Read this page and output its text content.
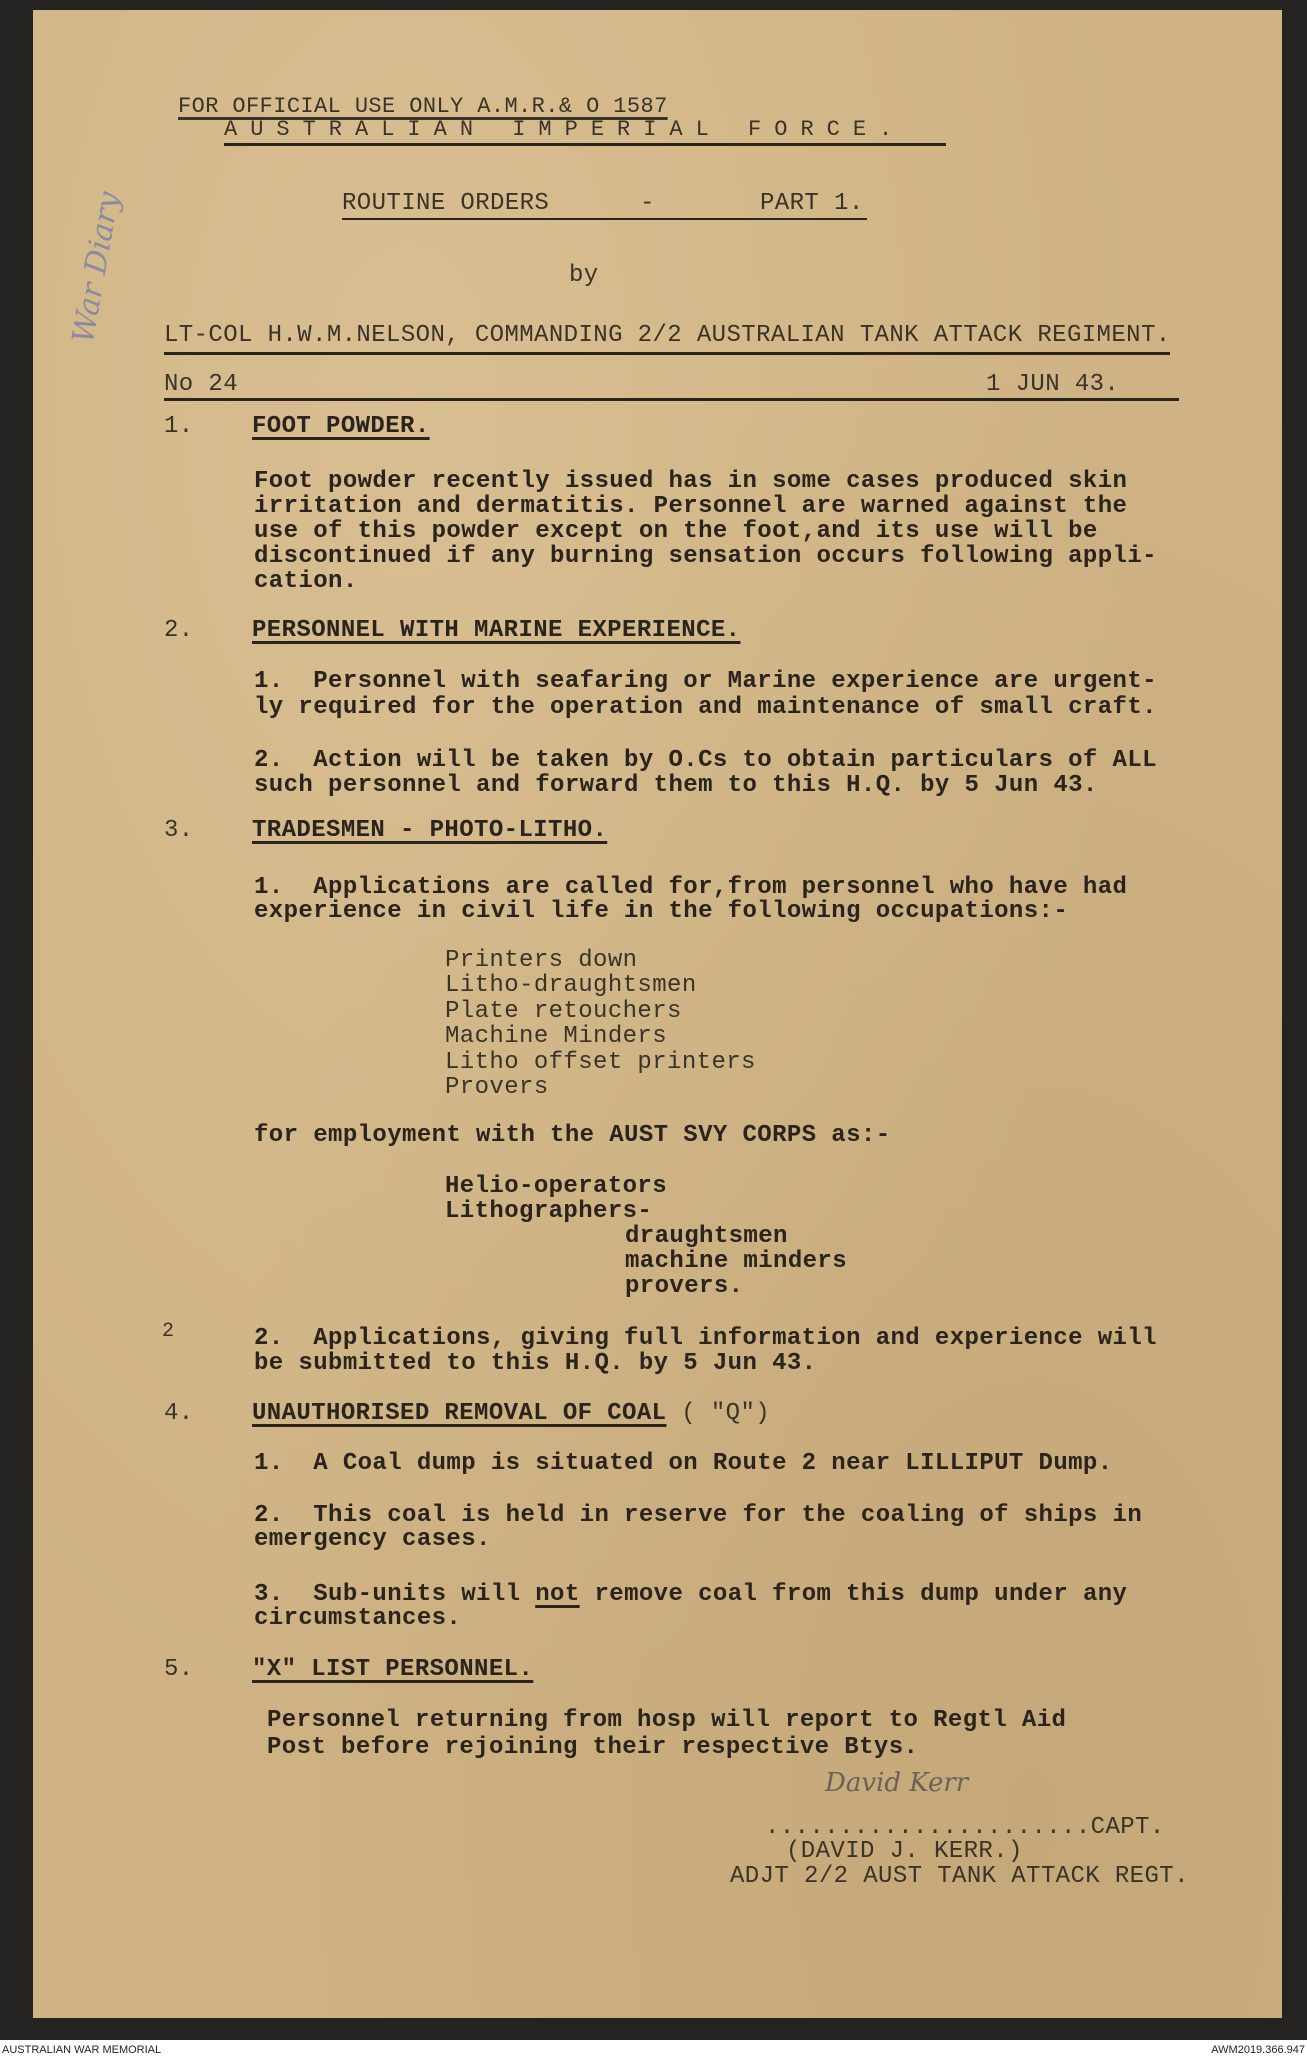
War Diary
FOR OFFICIAL USE ONLY A.M.R.& O 1587
AUSTRALIAN IMPERIAL FORCE.
ROUTINE ORDERS	-	PART 1.
by
LT-COL H.W.M.NELSON, COMMANDING 2/2 AUSTRALIAN TANK ATTACK REGIMENT.
No 24	1 JUN 43.
1. FOOT POWDER.
Foot powder recently issued has in some cases produced skin
irritation and dermatitis. Personnel are warned against the
use of this powder except on the foot,and its use will be
discontinued if any burning sensation occurs following appli-
cation.
2. PERSONNEL WITH MARINE EXPERIENCE.
1.  Personnel with seafaring or Marine experience are urgent-
ly required for the operation and maintenance of small craft.
2.  Action will be taken by O.Cs to obtain particulars of ALL
such personnel and forward them to this H.Q. by 5 Jun 43.
3. TRADESMEN - PHOTO-LITHO.
1.  Applications are called for,from personnel who have had
experience in civil life in the following occupations:-
Printers down
Litho-draughtsmen
Plate retouchers
Machine Minders
Litho offset printers
Provers
for employment with the AUST SVY CORPS as:-
Helio-operators
Lithographers-
draughtsmen
machine minders
provers.
2	2.  Applications, giving full information and experience will
be submitted to this H.Q. by 5 Jun 43.
4. UNAUTHORISED REMOVAL OF COAL ( "Q")
1.  A Coal dump is situated on Route 2 near LILLIPUT Dump.
2.  This coal is held in reserve for the coaling of ships in
emergency cases.
3.  Sub-units will not remove coal from this dump under any
circumstances.
5. "X" LIST PERSONNEL.
Personnel returning from hosp will report to Regtl Aid
Post before rejoining their respective Btys.
David Kerr
......................CAPT.
(DAVID J. KERR.)
ADJT 2/2 AUST TANK ATTACK REGT.
AUSTRALIAN WAR MEMORIAL	AWM2019.366.947
